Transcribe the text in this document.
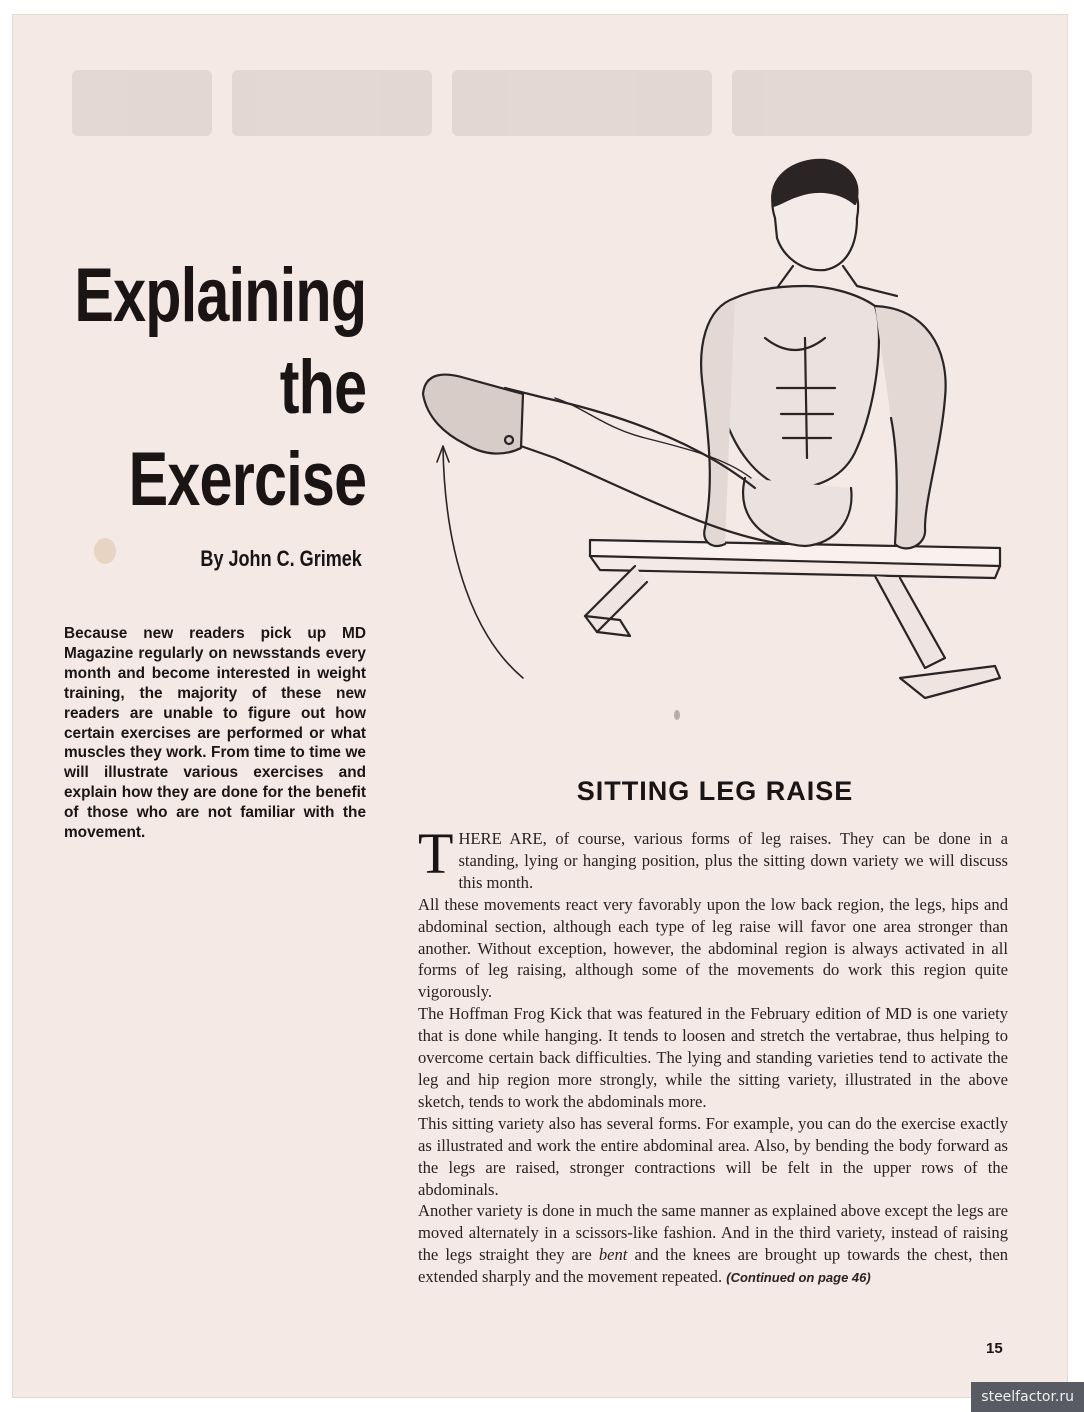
Explaining
the
Exercise
By John C. Grimek
Because new readers pick up MD Magazine regularly on newsstands every month and become interested in weight training, the majority of these new readers are unable to figure out how certain exercises are performed or what muscles they work. From time to time we will illustrate various exercises and explain how they are done for the benefit of those who are not familiar with the movement.
SITTING LEG RAISE

THERE ARE, of course, various forms of leg raises. They can be done in a standing, lying or hanging position, plus the sitting down variety we will discuss this month.

All these movements react very favorably upon the low back region, the legs, hips and abdominal section, although each type of leg raise will favor one area stronger than another. Without exception, however, the abdominal region is always activated in all forms of leg raising, although some of the movements do work this region quite vigorously.

The Hoffman Frog Kick that was featured in the February edition of MD is one variety that is done while hanging. It tends to loosen and stretch the vertabrae, thus helping to overcome certain back difficulties. The lying and standing varieties tend to activate the leg and hip region more strongly, while the sitting variety, illustrated in the above sketch, tends to work the abdominals more.

This sitting variety also has several forms. For example, you can do the exercise exactly as illustrated and work the entire abdominal area. Also, by bending the body forward as the legs are raised, stronger contractions will be felt in the upper rows of the abdominals.

Another variety is done in much the same manner as explained above except the legs are moved alternately in a scissors-like fashion. And in the third variety, instead of raising the legs straight they are bent and the knees are brought up towards the chest, then extended sharply and the movement repeated. (Continued on page 46)

15
steelfactor.ru
